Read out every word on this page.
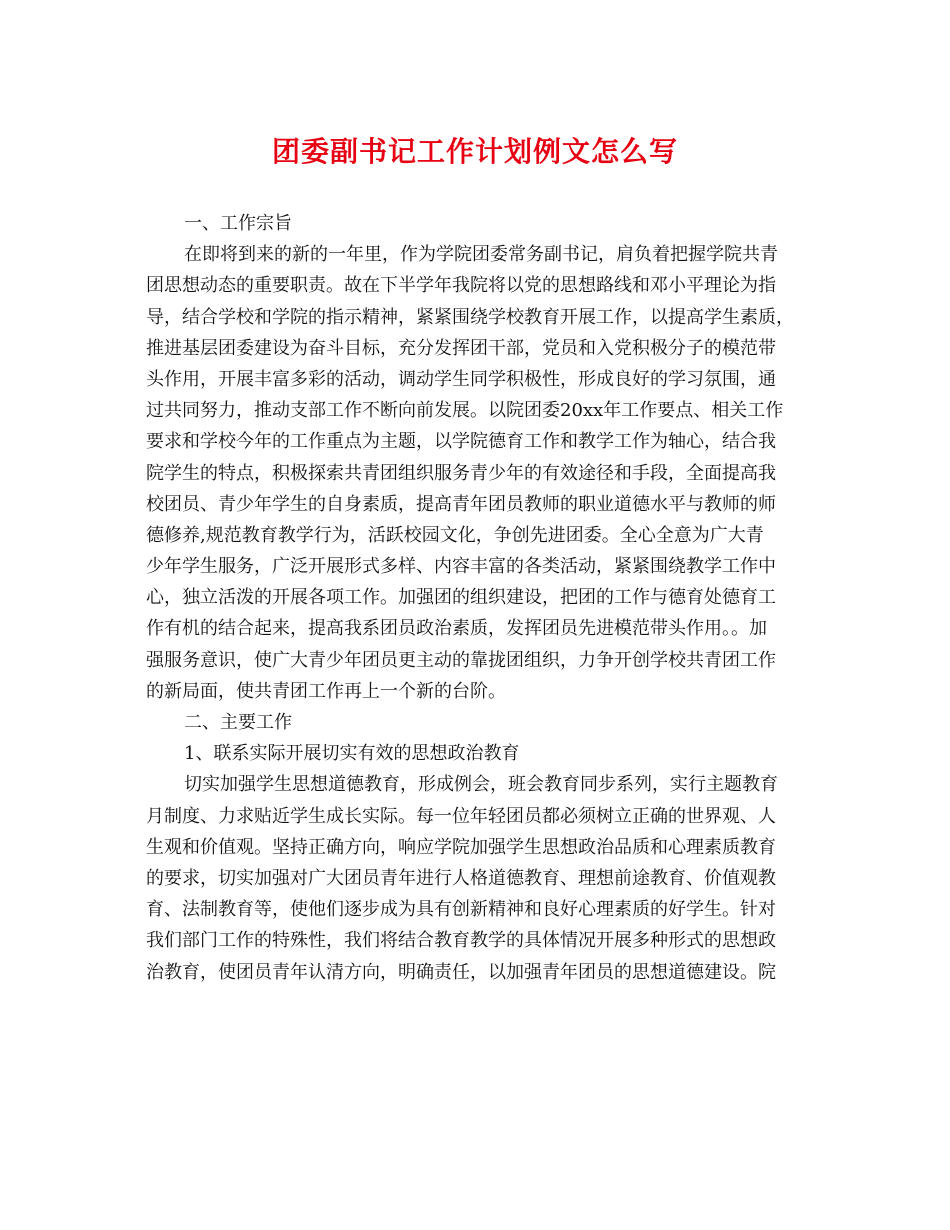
团委副书记工作计划例文怎么写
一、工作宗旨
在即将到来的新的一年里，作为学院团委常务副书记，肩负着把握学院共青
团思想动态的重要职责。故在下半学年我院将以党的思想路线和邓小平理论为指
导，结合学校和学院的指示精神，紧紧围绕学校教育开展工作，以提高学生素质，
推进基层团委建设为奋斗目标，充分发挥团干部，党员和入党积极分子的模范带
头作用，开展丰富多彩的活动，调动学生同学积极性，形成良好的学习氛围，通
过共同努力，推动支部工作不断向前发展。以院团委20xx年工作要点、相关工作
要求和学校今年的工作重点为主题，以学院德育工作和教学工作为轴心，结合我
院学生的特点，积极探索共青团组织服务青少年的有效途径和手段，全面提高我
校团员、青少年学生的自身素质，提高青年团员教师的职业道德水平与教师的师
德修养,规范教育教学行为，活跃校园文化，争创先进团委。全心全意为广大青
少年学生服务，广泛开展形式多样、内容丰富的各类活动，紧紧围绕教学工作中
心，独立活泼的开展各项工作。加强团的组织建设，把团的工作与德育处德育工
作有机的结合起来，提高我系团员政治素质，发挥团员先进模范带头作用。。加
强服务意识，使广大青少年团员更主动的靠拢团组织，力争开创学校共青团工作
的新局面，使共青团工作再上一个新的台阶。
二、主要工作
1、联系实际开展切实有效的思想政治教育
切实加强学生思想道德教育，形成例会，班会教育同步系列，实行主题教育
月制度、力求贴近学生成长实际。每一位年轻团员都必须树立正确的世界观、人
生观和价值观。坚持正确方向，响应学院加强学生思想政治品质和心理素质教育
的要求，切实加强对广大团员青年进行人格道德教育、理想前途教育、价值观教
育、法制教育等，使他们逐步成为具有创新精神和良好心理素质的好学生。针对
我们部门工作的特殊性，我们将结合教育教学的具体情况开展多种形式的思想政
治教育，使团员青年认清方向，明确责任，以加强青年团员的思想道德建设。院
